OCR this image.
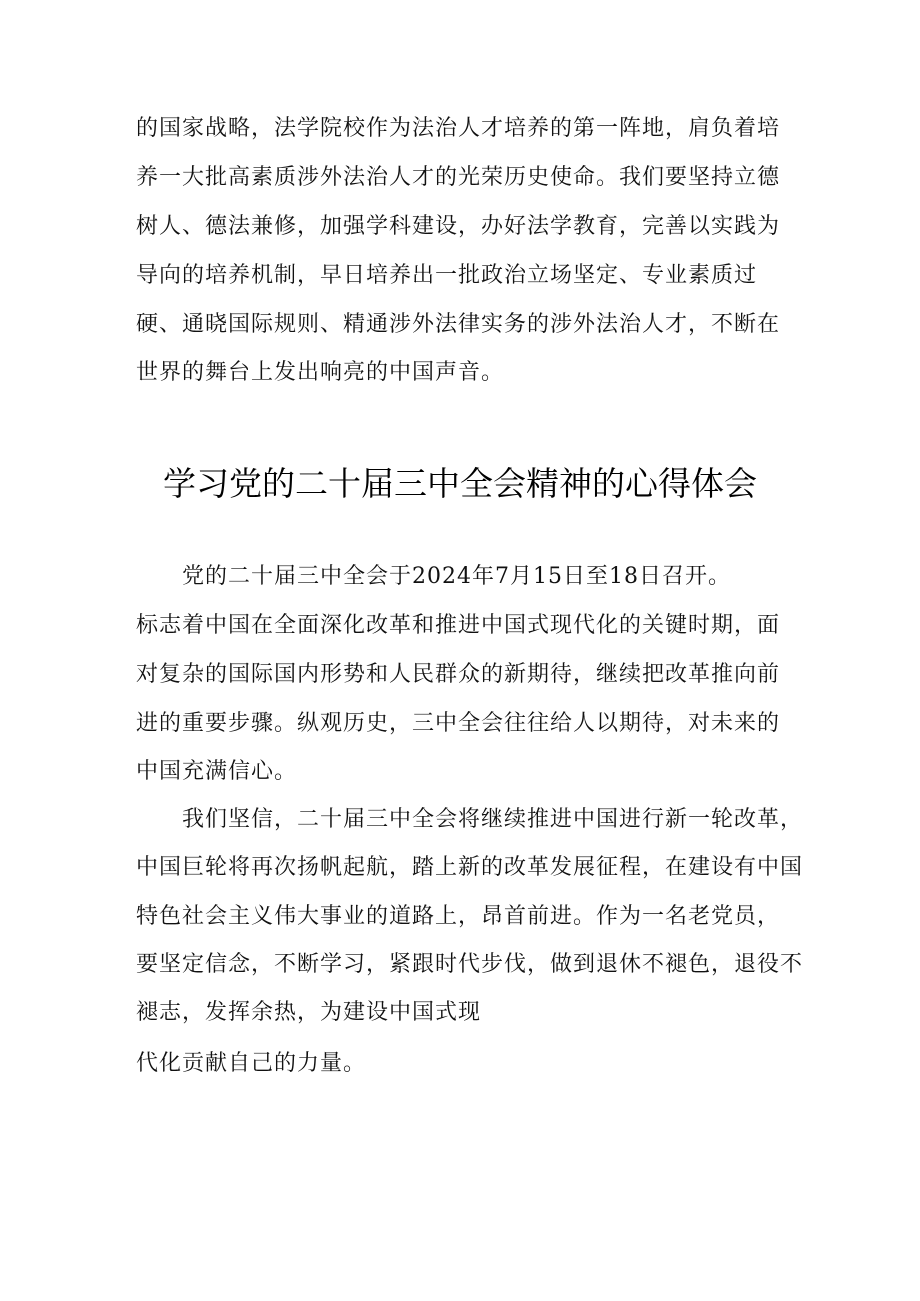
的国家战略，法学院校作为法治人才培养的第一阵地，肩负着培
养一大批高素质涉外法治人才的光荣历史使命。我们要坚持立德
树人、德法兼修，加强学科建设，办好法学教育，完善以实践为
导向的培养机制，早日培养出一批政治立场坚定、专业素质过
硬、通晓国际规则、精通涉外法律实务的涉外法治人才，不断在
世界的舞台上发出响亮的中国声音。
学习党的二十届三中全会精神的心得体会
党的二十届三中全会于2024年7月15日至18日召开。
标志着中国在全面深化改革和推进中国式现代化的关键时期，面
对复杂的国际国内形势和人民群众的新期待，继续把改革推向前
进的重要步骤。纵观历史，三中全会往往给人以期待，对未来的
中国充满信心。
我们坚信，二十届三中全会将继续推进中国进行新一轮改革，
中国巨轮将再次扬帆起航，踏上新的改革发展征程，在建设有中国
特色社会主义伟大事业的道路上，昂首前进。作为一名老党员，
要坚定信念，不断学习，紧跟时代步伐，做到退休不褪色，退役不
褪志，发挥余热，为建设中国式现
代化贡献自己的力量。
